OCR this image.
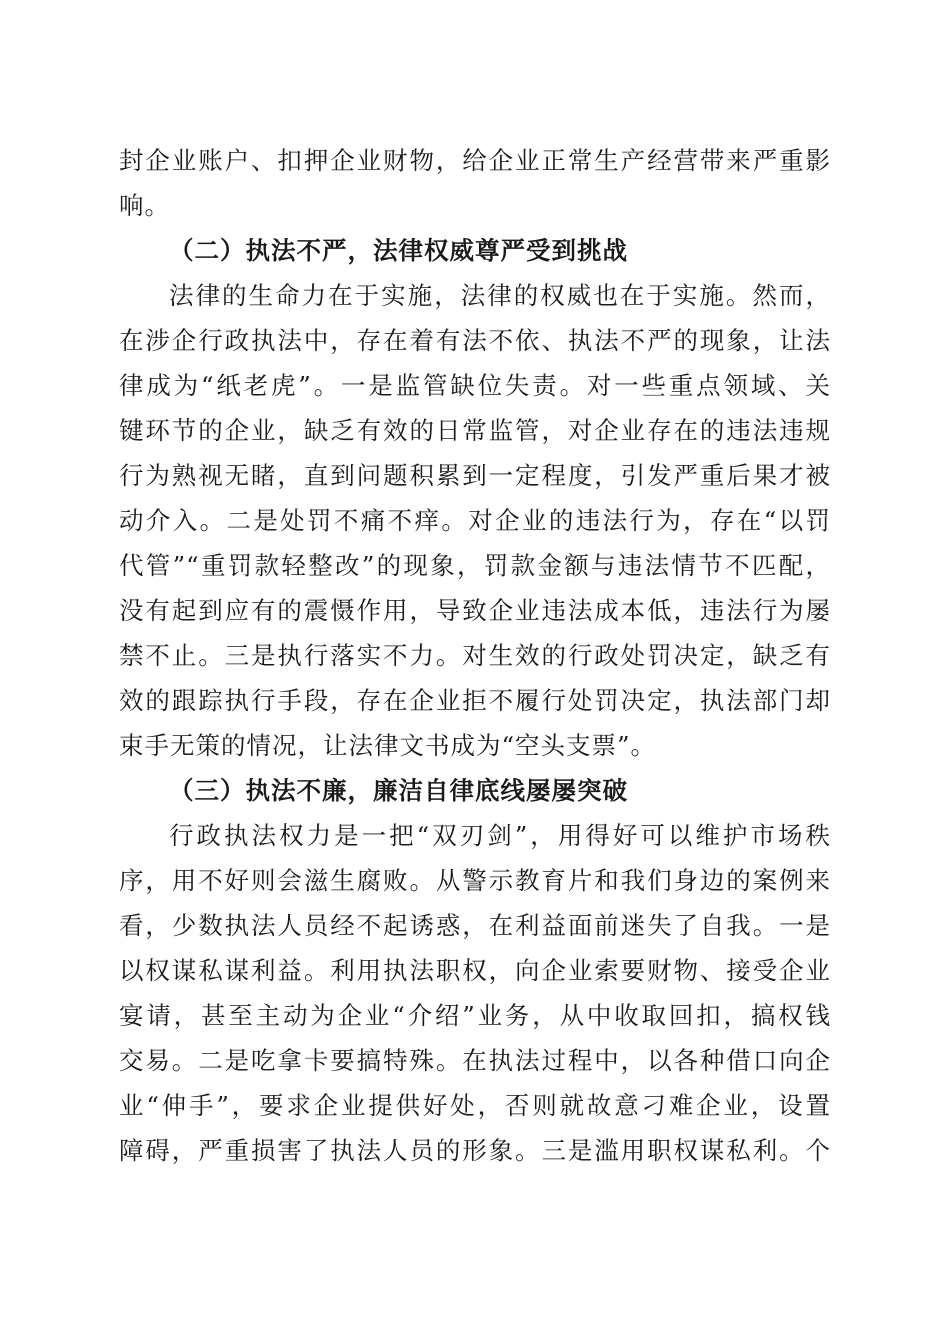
封企业账户、扣押企业财物，给企业正常生产经营带来严重影
响。
（二）执法不严，法律权威尊严受到挑战
法律的生命力在于实施，法律的权威也在于实施。然而，
在涉企行政执法中，存在着有法不依、执法不严的现象，让法
律成为“纸老虎”。一是监管缺位失责。对一些重点领域、关
键环节的企业，缺乏有效的日常监管，对企业存在的违法违规
行为熟视无睹，直到问题积累到一定程度，引发严重后果才被
动介入。二是处罚不痛不痒。对企业的违法行为，存在“以罚
代管”“重罚款轻整改”的现象，罚款金额与违法情节不匹配，
没有起到应有的震慑作用，导致企业违法成本低，违法行为屡
禁不止。三是执行落实不力。对生效的行政处罚决定，缺乏有
效的跟踪执行手段，存在企业拒不履行处罚决定，执法部门却
束手无策的情况，让法律文书成为“空头支票”。
（三）执法不廉，廉洁自律底线屡屡突破
行政执法权力是一把“双刃剑”，用得好可以维护市场秩
序，用不好则会滋生腐败。从警示教育片和我们身边的案例来
看，少数执法人员经不起诱惑，在利益面前迷失了自我。一是
以权谋私谋利益。利用执法职权，向企业索要财物、接受企业
宴请，甚至主动为企业“介绍”业务，从中收取回扣，搞权钱
交易。二是吃拿卡要搞特殊。在执法过程中，以各种借口向企
业“伸手”，要求企业提供好处，否则就故意刁难企业，设置
障碍，严重损害了执法人员的形象。三是滥用职权谋私利。个
